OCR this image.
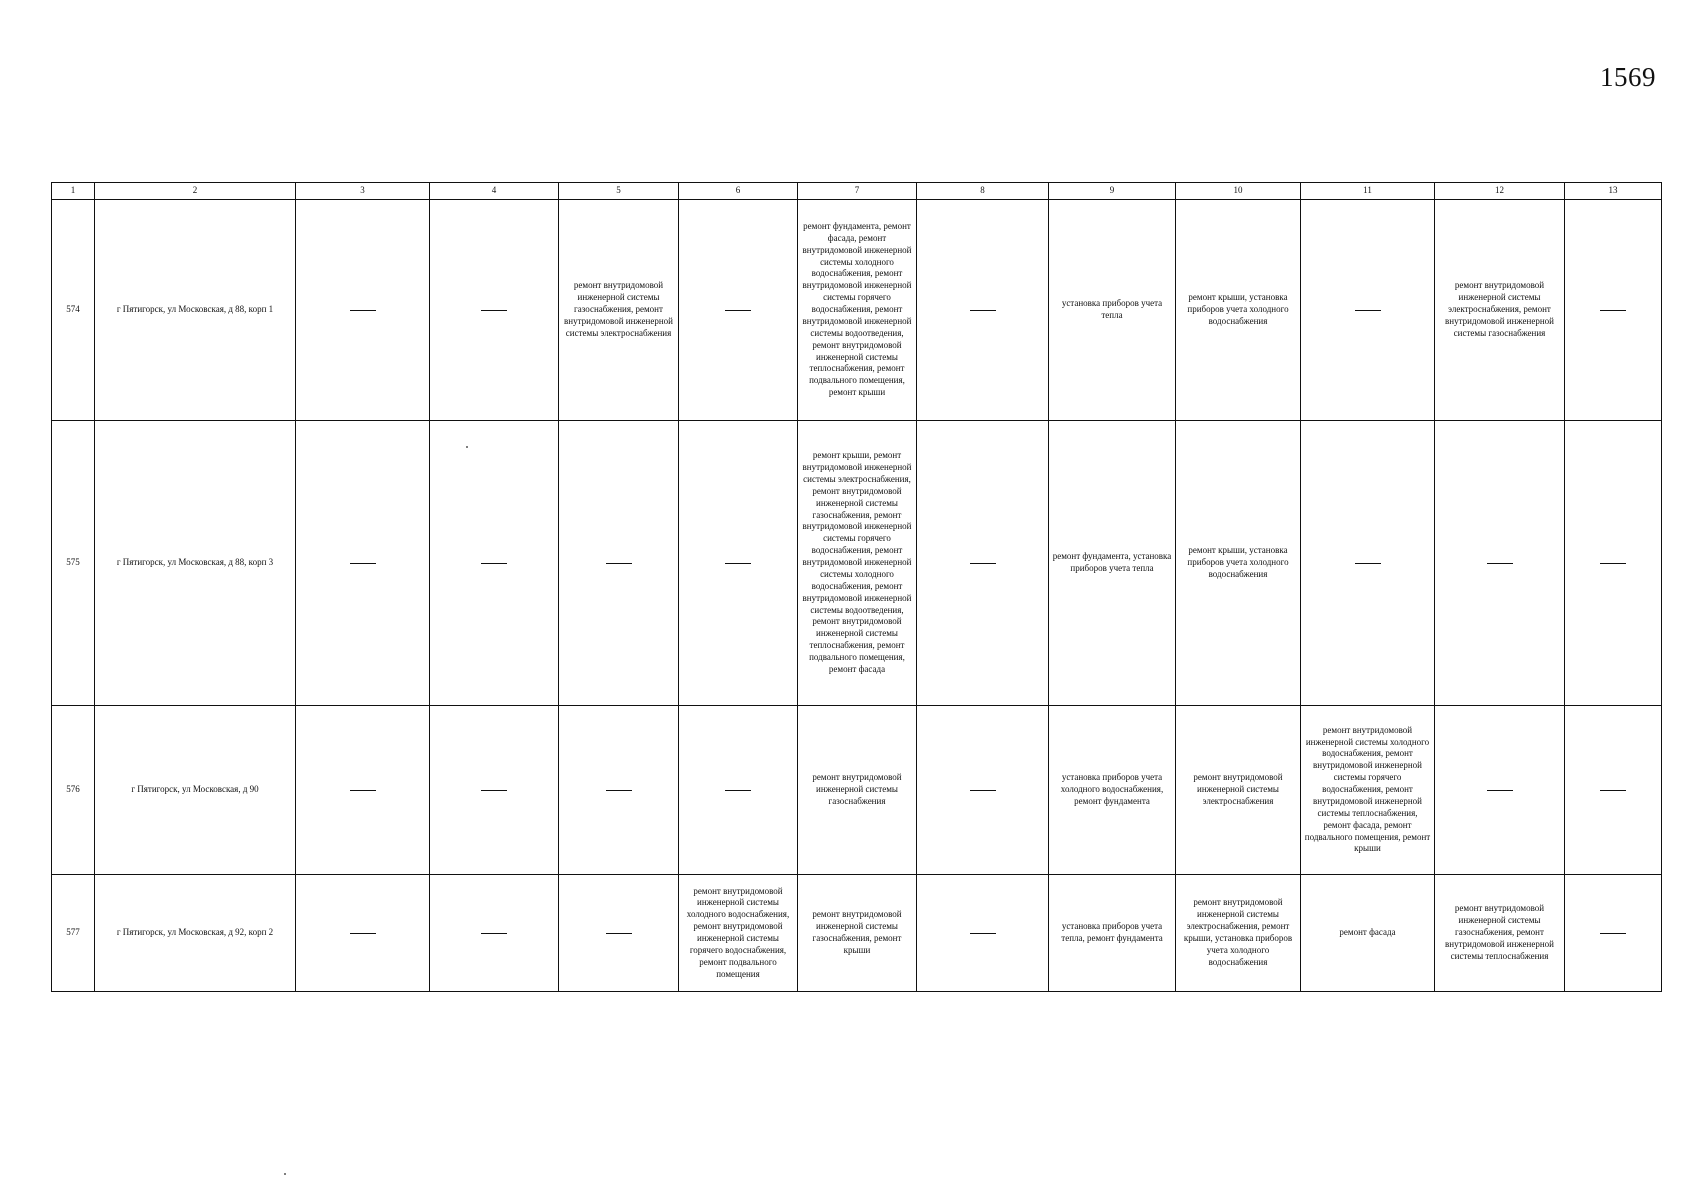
1569
1	2	3	4	5	6	7	8	9	10	11	12	13
574	г Пятигорск, ул Московская, д 88, корп 1			ремонт внутридомовой инженерной системы газоснабжения, ремонт внутридомовой инженерной системы электроснабжения		ремонт фундамента, ремонт фасада, ремонт внутридомовой инженерной системы холодного водоснабжения, ремонт внутридомовой инженерной системы горячего водоснабжения, ремонт внутридомовой инженерной системы водоотведения, ремонт внутридомовой инженерной системы теплоснабжения, ремонт подвального помещения, ремонт крыши		установка приборов учета тепла	ремонт крыши, установка приборов учета холодного водоснабжения		ремонт внутридомовой инженерной системы электроснабжения, ремонт внутридомовой инженерной системы газоснабжения	
575	г Пятигорск, ул Московская, д 88, корп 3					ремонт крыши, ремонт внутридомовой инженерной системы электроснабжения, ремонт внутридомовой инженерной системы газоснабжения, ремонт внутридомовой инженерной системы горячего водоснабжения, ремонт внутридомовой инженерной системы холодного водоснабжения, ремонт внутридомовой инженерной системы водоотведения, ремонт внутридомовой инженерной системы теплоснабжения, ремонт подвального помещения, ремонт фасада		ремонт фундамента, установка приборов учета тепла	ремонт крыши, установка приборов учета холодного водоснабжения			
576	г Пятигорск, ул Московская, д 90					ремонт внутридомовой инженерной системы газоснабжения		установка приборов учета холодного водоснабжения, ремонт фундамента	ремонт внутридомовой инженерной системы электроснабжения	ремонт внутридомовой инженерной системы холодного водоснабжения, ремонт внутридомовой инженерной системы горячего водоснабжения, ремонт внутридомовой инженерной системы теплоснабжения, ремонт фасада, ремонт подвального помещения, ремонт крыши		
577	г Пятигорск, ул Московская, д 92, корп 2				ремонт внутридомовой инженерной системы холодного водоснабжения, ремонт внутридомовой инженерной системы горячего водоснабжения, ремонт подвального помещения	ремонт внутридомовой инженерной системы газоснабжения, ремонт крыши		установка приборов учета тепла, ремонт фундамента	ремонт внутридомовой инженерной системы электроснабжения, ремонт крыши, установка приборов учета холодного водоснабжения	ремонт фасада	ремонт внутридомовой инженерной системы газоснабжения, ремонт внутридомовой инженерной системы теплоснабжения	
